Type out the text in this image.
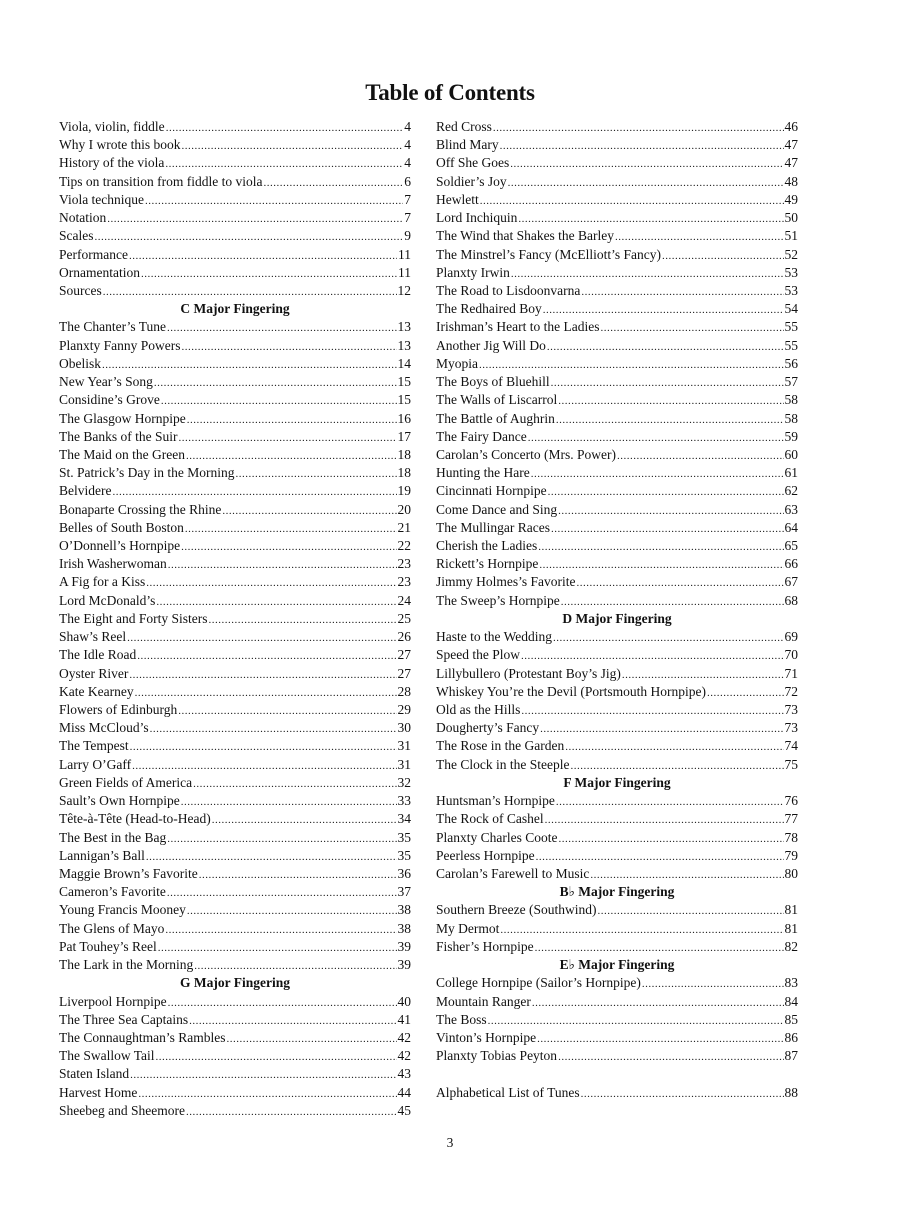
Table of Contents
Viola, violin, fiddle .....	4
Why I wrote this book .....	4
History of the viola .....	4
Tips on transition from fiddle to viola .....	6
Viola technique .....	7
Notation .....	7
Scales .....	9
Performance .....	11
Ornamentation .....	11
Sources .....	12
C Major Fingering
The Chanter’s Tune .....	13
Planxty Fanny Powers .....	13
Obelisk .....	14
New Year’s Song .....	15
Considine’s Grove .....	15
The Glasgow Hornpipe .....	16
The Banks of the Suir .....	17
The Maid on the Green .....	18
St. Patrick’s Day in the Morning .....	18
Belvidere .....	19
Bonaparte Crossing the Rhine .....	20
Belles of South Boston .....	21
O’Donnell’s Hornpipe .....	22
Irish Washerwoman .....	23
A Fig for a Kiss .....	23
Lord McDonald’s .....	24
The Eight and Forty Sisters .....	25
Shaw’s Reel .....	26
The Idle Road .....	27
Oyster River .....	27
Kate Kearney .....	28
Flowers of Edinburgh .....	29
Miss McCloud’s .....	30
The Tempest .....	31
Larry O’Gaff .....	31
Green Fields of America .....	32
Sault’s Own Hornpipe .....	33
Tête-à-Tête (Head-to-Head) .....	34
The Best in the Bag .....	35
Lannigan’s Ball .....	35
Maggie Brown’s Favorite .....	36
Cameron’s Favorite .....	37
Young Francis Mooney .....	38
The Glens of Mayo .....	38
Pat Touhey’s Reel .....	39
The Lark in the Morning .....	39
G Major Fingering
Liverpool Hornpipe .....	40
The Three Sea Captains .....	41
The Connaughtman’s Rambles .....	42
The Swallow Tail .....	42
Staten Island .....	43
Harvest Home .....	44
Sheebeg and Sheemore .....	45
Red Cross .....	46
Blind Mary .....	47
Off She Goes .....	47
Soldier’s Joy .....	48
Hewlett .....	49
Lord Inchiquin .....	50
The Wind that Shakes the Barley .....	51
The Minstrel’s Fancy (McElliott’s Fancy) .....	52
Planxty Irwin .....	53
The Road to Lisdoonvarna .....	53
The Redhaired Boy .....	54
Irishman’s Heart to the Ladies .....	55
Another Jig Will Do .....	55
Myopia .....	56
The Boys of Bluehill .....	57
The Walls of Liscarrol .....	58
The Battle of Aughrin .....	58
The Fairy Dance .....	59
Carolan’s Concerto (Mrs. Power) .....	60
Hunting the Hare .....	61
Cincinnati Hornpipe .....	62
Come Dance and Sing .....	63
The Mullingar Races .....	64
Cherish the Ladies .....	65
Rickett’s Hornpipe .....	66
Jimmy Holmes’s Favorite .....	67
The Sweep’s Hornpipe .....	68
D Major Fingering
Haste to the Wedding .....	69
Speed the Plow .....	70
Lillybullero (Protestant Boy’s Jig) .....	71
Whiskey You’re the Devil (Portsmouth Hornpipe) .....	72
Old as the Hills .....	73
Dougherty’s Fancy .....	73
The Rose in the Garden .....	74
The Clock in the Steeple .....	75
F Major Fingering
Huntsman’s Hornpipe .....	76
The Rock of Cashel .....	77
Planxty Charles Coote .....	78
Peerless Hornpipe .....	79
Carolan’s Farewell to Music .....	80
B♭ Major Fingering
Southern Breeze (Southwind) .....	81
My Dermot .....	81
Fisher’s Hornpipe .....	82
E♭ Major Fingering
College Hornpipe (Sailor’s Hornpipe) .....	83
Mountain Ranger .....	84
The Boss .....	85
Vinton’s Hornpipe .....	86
Planxty Tobias Peyton .....	87
Alphabetical List of Tunes .....	88
3
